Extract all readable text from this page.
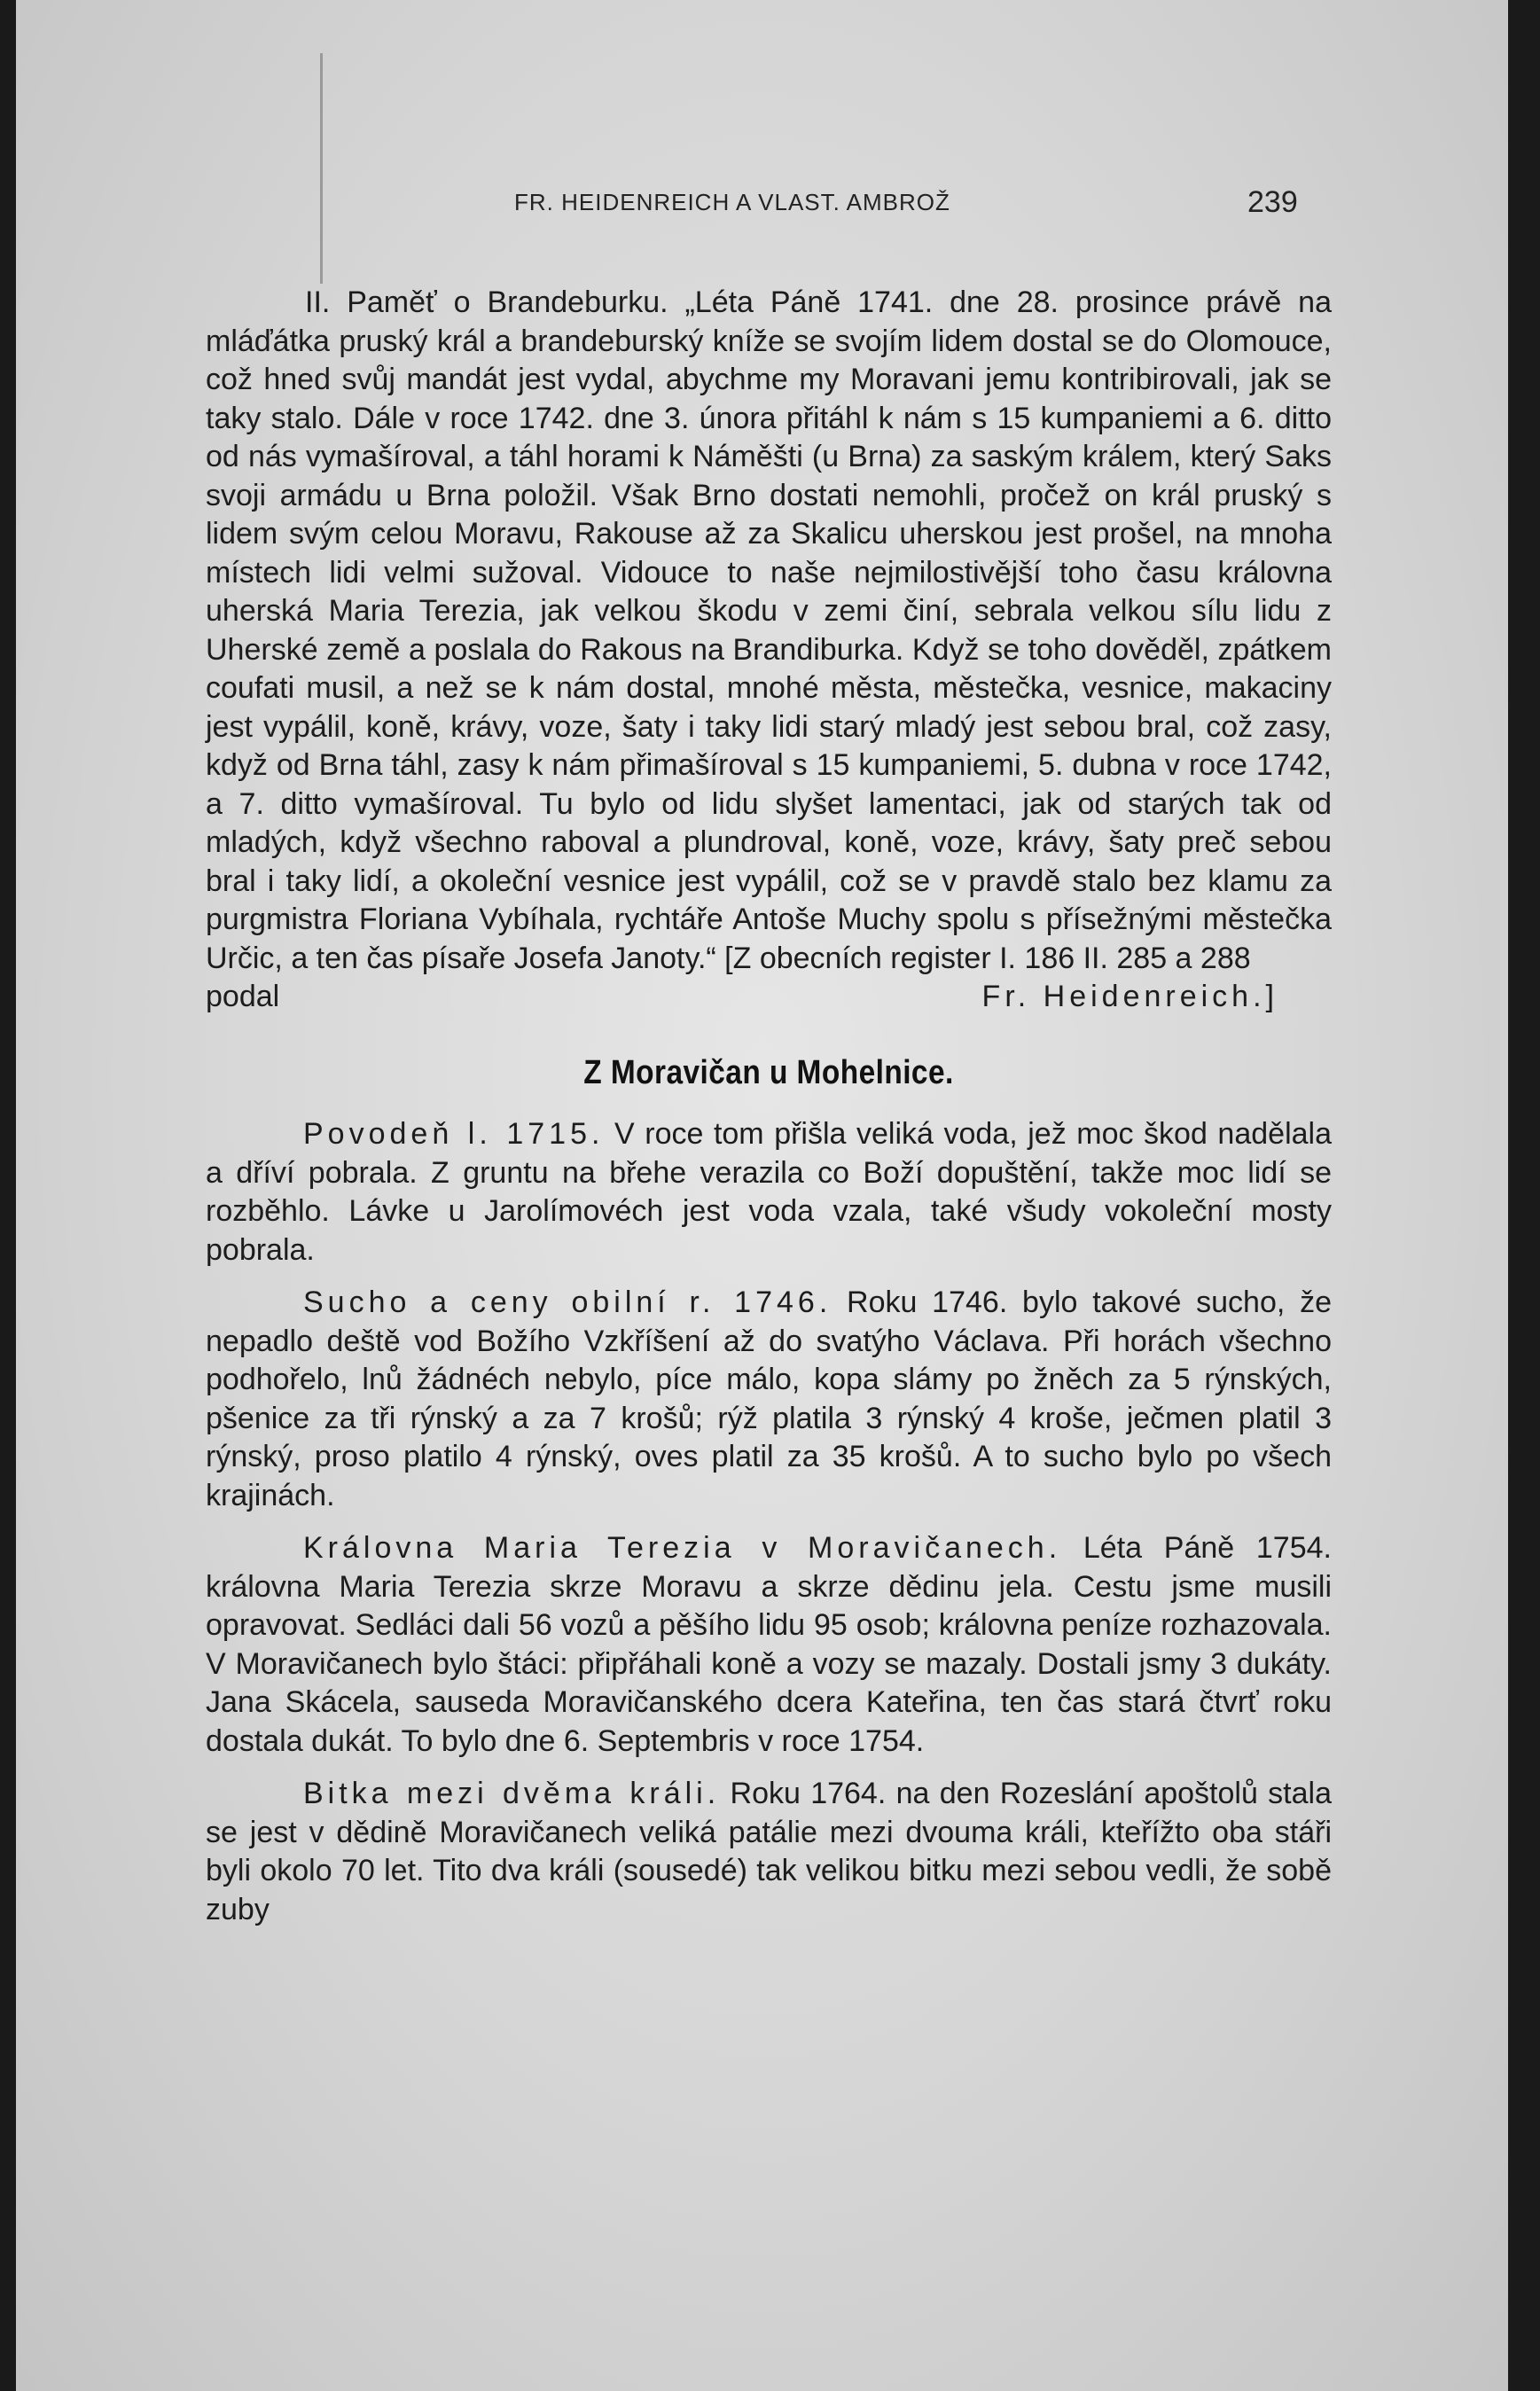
FR. HEIDENREICH A VLAST. AMBROŽ	239

II. Paměť o Brandeburku. „Léta Páně 1741. dne 28. prosince právě na mláďátka pruský král a brandeburský kníže se svojím lidem dostal se do Olomouce, což hned svůj mandát jest vydal, abychme my Moravani jemu kontribirovali, jak se taky stalo. Dále v roce 1742. dne 3. února přitáhl k nám s 15 kumpaniemi a 6. ditto od nás vymašíroval, a táhl horami k Náměšti (u Brna) za saským králem, který Saks svoji armádu u Brna položil. Však Brno dostati nemohli, pročež on král pruský s lidem svým celou Moravu, Rakouse až za Skalicu uherskou jest prošel, na mnoha místech lidi velmi sužoval. Vidouce to naše nejmilostivější toho času královna uherská Maria Terezia, jak velkou škodu v zemi činí, sebrala velkou sílu lidu z Uherské země a poslala do Rakous na Brandiburka. Když se toho dověděl, zpátkem coufati musil, a než se k nám dostal, mnohé města, městečka, vesnice, makaciny jest vypálil, koně, krávy, voze, šaty i taky lidi starý mladý jest sebou bral, což zasy, když od Brna táhl, zasy k nám přimašíroval s 15 kumpaniemi, 5. dubna v roce 1742, a 7. ditto vymašíroval. Tu bylo od lidu slyšet lamentaci, jak od starých tak od mladých, když všechno raboval a plundroval, koně, voze, krávy, šaty preč sebou bral i taky lidí, a okoleční vesnice jest vypálil, což se v pravdě stalo bez klamu za purgmistra Floriana Vybíhala, rychtáře Antoše Muchy spolu s přísežnými městečka Určic, a ten čas písaře Josefa Janoty.“ [Z obecních register I. 186 II. 285 a 288

podal	Fr. Heidenreich.]

Z Moravičan u Mohelnice.

Povodeň l. 1715. V roce tom přišla veliká voda, jež moc škod nadělala a dříví pobrala. Z gruntu na břehe verazila co Boží dopuštění, takže moc lidí se rozběhlo. Lávke u Jarolímovéch jest voda vzala, také všudy vokoleční mosty pobrala.

Sucho a ceny obilní r. 1746. Roku 1746. bylo takové sucho, že nepadlo deště vod Božího Vzkříšení až do svatýho Václava. Při horách všechno podhořelo, lnů žádnéch nebylo, píce málo, kopa slámy po žněch za 5 rýnských, pšenice za tři rýnský a za 7 krošů; rýž platila 3 rýnský 4 kroše, ječmen platil 3 rýnský, proso platilo 4 rýnský, oves platil za 35 krošů. A to sucho bylo po všech krajinách.

Královna Maria Terezia v Moravičanech. Léta Páně 1754. královna Maria Terezia skrze Moravu a skrze dědinu jela. Cestu jsme musili opravovat. Sedláci dali 56 vozů a pěšího lidu 95 osob; královna peníze rozhazovala. V Moravičanech bylo štáci: připřáhali koně a vozy se mazaly. Dostali jsmy 3 dukáty. Jana Skácela, sauseda Moravičanského dcera Kateřina, ten čas stará čtvrť roku dostala dukát. To bylo dne 6. Septembris v roce 1754.

Bitka mezi dvěma králi. Roku 1764. na den Rozeslání apoštolů stala se jest v dědině Moravičanech veliká patálie mezi dvouma králi, kteřížto oba stáři byli okolo 70 let. Tito dva králi (sousedé) tak velikou bitku mezi sebou vedli, že sobě zuby
